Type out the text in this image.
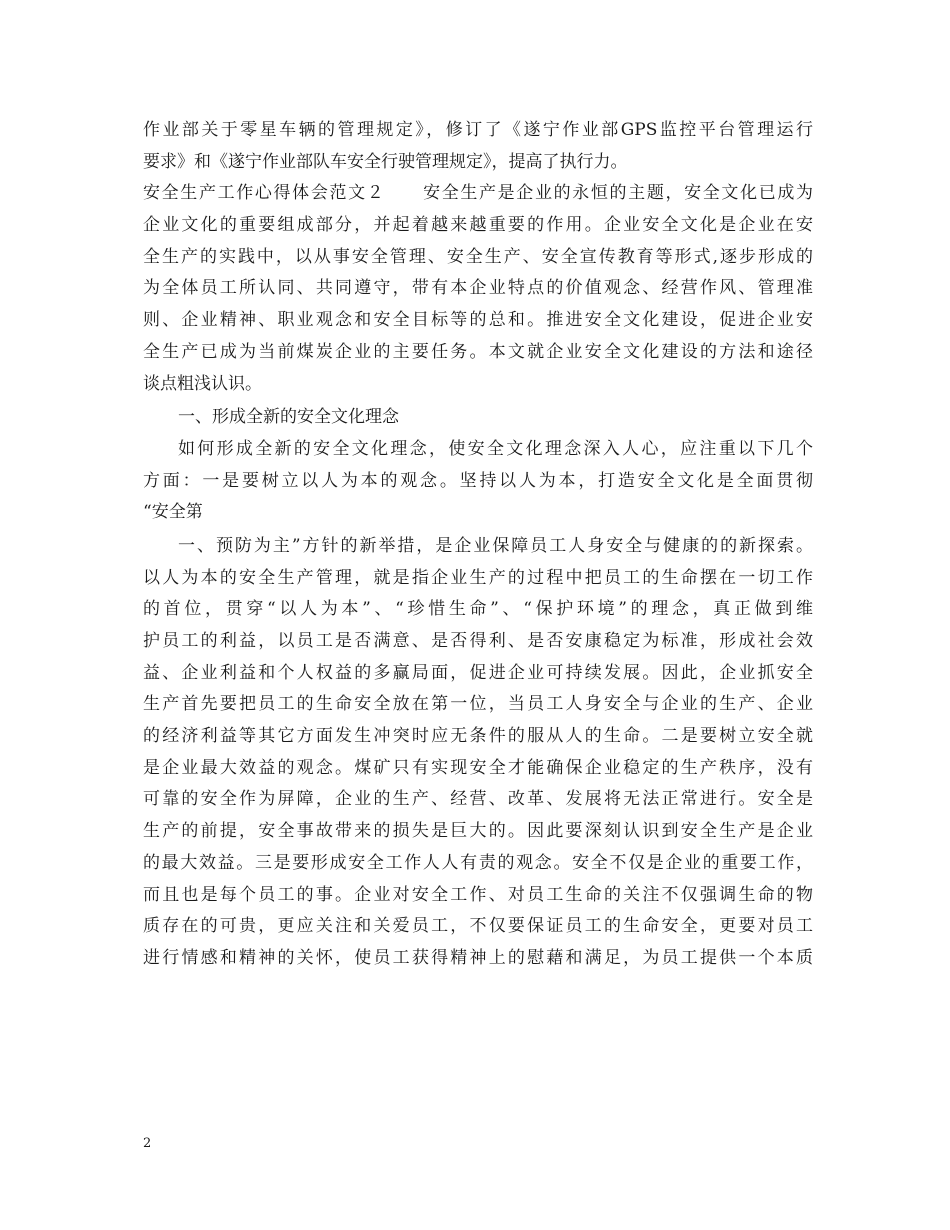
作业部关于零星车辆的管理规定》，修订了《遂宁作业部GPS监控平台管理运行

要求》和《遂宁作业部队车安全行驶管理规定》，提高了执行力。

安全生产工作心得体会范文２ 安全生产是企业的永恒的主题，安全文化已成为

企业文化的重要组成部分，并起着越来越重要的作用。企业安全文化是企业在安

全生产的实践中，以从事安全管理、安全生产、安全宣传教育等形式,逐步形成的

为全体员工所认同、共同遵守，带有本企业特点的价值观念、经营作风、管理准

则、企业精神、职业观念和安全目标等的总和。推进安全文化建设，促进企业安

全生产已成为当前煤炭企业的主要任务。本文就企业安全文化建设的方法和途径

谈点粗浅认识。

一、形成全新的安全文化理念

如何形成全新的安全文化理念，使安全文化理念深入人心，应注重以下几个

方面：一是要树立以人为本的观念。坚持以人为本，打造安全文化是全面贯彻

“安全第

一、预防为主”方针的新举措，是企业保障员工人身安全与健康的的新探索。

以人为本的安全生产管理，就是指企业生产的过程中把员工的生命摆在一切工作

的首位，贯穿“以人为本”、“珍惜生命”、“保护环境”的理念，真正做到维

护员工的利益，以员工是否满意、是否得利、是否安康稳定为标准，形成社会效

益、企业利益和个人权益的多赢局面，促进企业可持续发展。因此，企业抓安全

生产首先要把员工的生命安全放在第一位，当员工人身安全与企业的生产、企业

的经济利益等其它方面发生冲突时应无条件的服从人的生命。二是要树立安全就

是企业最大效益的观念。煤矿只有实现安全才能确保企业稳定的生产秩序，没有

可靠的安全作为屏障，企业的生产、经营、改革、发展将无法正常进行。安全是

生产的前提，安全事故带来的损失是巨大的。因此要深刻认识到安全生产是企业

的最大效益。三是要形成安全工作人人有责的观念。安全不仅是企业的重要工作，

而且也是每个员工的事。企业对安全工作、对员工生命的关注不仅强调生命的物

质存在的可贵，更应关注和关爱员工，不仅要保证员工的生命安全，更要对员工

进行情感和精神的关怀，使员工获得精神上的慰藉和满足，为员工提供一个本质

2
